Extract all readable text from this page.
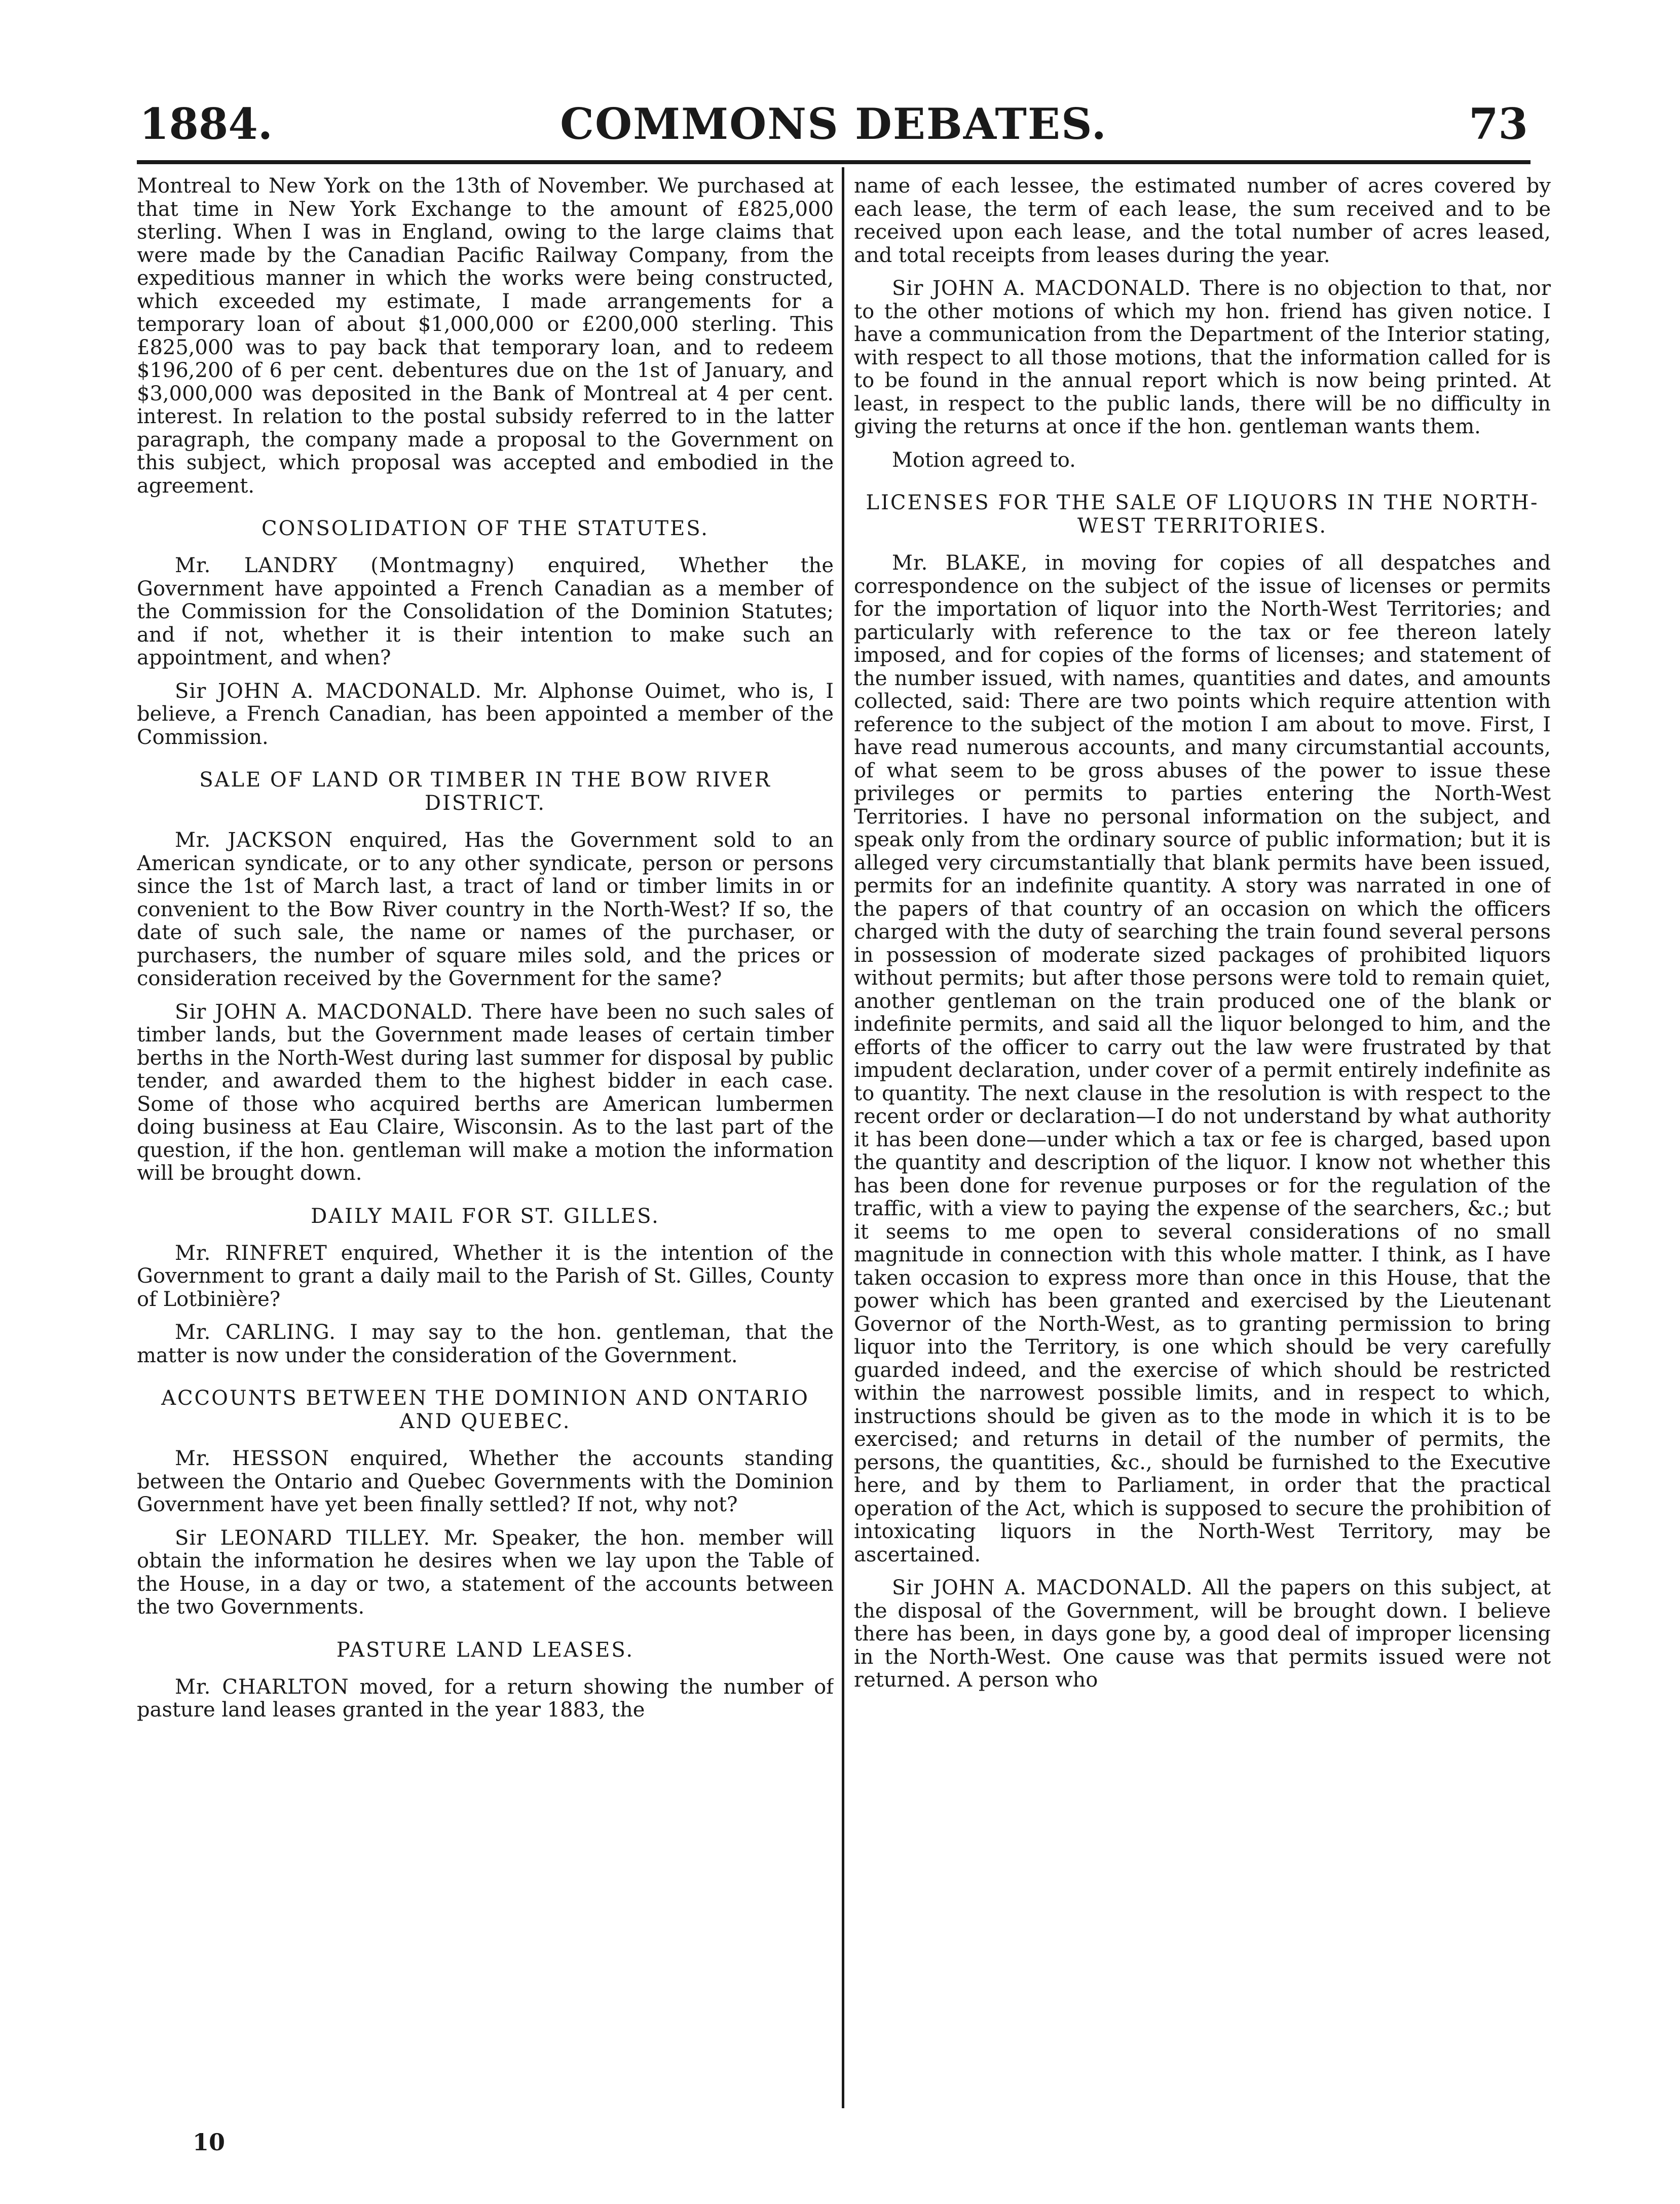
1884.	COMMONS DEBATES.	73

Montreal to New York on the 13th of November. We purchased at that time in New York Exchange to the amount of £825,000 sterling. When I was in England, owing to the large claims that were made by the Canadian Pacific Railway Company, from the expeditious manner in which the works were being constructed, which exceeded my estimate, I made arrangements for a temporary loan of about $1,000,000 or £200,000 sterling. This £825,000 was to pay back that temporary loan, and to redeem $196,200 of 6 per cent. debentures due on the 1st of January, and $3,000,000 was deposited in the Bank of Montreal at 4 per cent. interest. In relation to the postal subsidy referred to in the latter paragraph, the company made a proposal to the Government on this subject, which proposal was accepted and embodied in the agreement.

CONSOLIDATION OF THE STATUTES.

Mr. LANDRY (Montmagny) enquired, Whether the Government have appointed a French Canadian as a member of the Commission for the Consolidation of the Dominion Statutes; and if not, whether it is their intention to make such an appointment, and when?

Sir JOHN A. MACDONALD. Mr. Alphonse Ouimet, who is, I believe, a French Canadian, has been appointed a member of the Commission.

SALE OF LAND OR TIMBER IN THE BOW RIVER DISTRICT.

Mr. JACKSON enquired, Has the Government sold to an American syndicate, or to any other syndicate, person or persons since the 1st of March last, a tract of land or timber limits in or convenient to the Bow River country in the North-West? If so, the date of such sale, the name or names of the purchaser, or purchasers, the number of square miles sold, and the prices or consideration received by the Government for the same?

Sir JOHN A. MACDONALD. There have been no such sales of timber lands, but the Government made leases of certain timber berths in the North-West during last summer for disposal by public tender, and awarded them to the highest bidder in each case. Some of those who acquired berths are American lumbermen doing business at Eau Claire, Wisconsin. As to the last part of the question, if the hon. gentleman will make a motion the information will be brought down.

DAILY MAIL FOR ST. GILLES.

Mr. RINFRET enquired, Whether it is the intention of the Government to grant a daily mail to the Parish of St. Gilles, County of Lotbinière?

Mr. CARLING. I may say to the hon. gentleman, that the matter is now under the consideration of the Government.

ACCOUNTS BETWEEN THE DOMINION AND ONTARIO AND QUEBEC.

Mr. HESSON enquired, Whether the accounts standing between the Ontario and Quebec Governments with the Dominion Government have yet been finally settled? If not, why not?

Sir LEONARD TILLEY. Mr. Speaker, the hon. member will obtain the information he desires when we lay upon the Table of the House, in a day or two, a statement of the accounts between the two Governments.

PASTURE LAND LEASES.

Mr. CHARLTON moved, for a return showing the number of pasture land leases granted in the year 1883, the

name of each lessee, the estimated number of acres covered by each lease, the term of each lease, the sum received and to be received upon each lease, and the total number of acres leased, and total receipts from leases during the year.

Sir JOHN A. MACDONALD. There is no objection to that, nor to the other motions of which my hon. friend has given notice. I have a communication from the Department of the Interior stating, with respect to all those motions, that the information called for is to be found in the annual report which is now being printed. At least, in respect to the public lands, there will be no difficulty in giving the returns at once if the hon. gentleman wants them.

Motion agreed to.

LICENSES FOR THE SALE OF LIQUORS IN THE NORTH-WEST TERRITORIES.

Mr. BLAKE, in moving for copies of all despatches and correspondence on the subject of the issue of licenses or permits for the importation of liquor into the North-West Territories; and particularly with reference to the tax or fee thereon lately imposed, and for copies of the forms of licenses; and statement of the number issued, with names, quantities and dates, and amounts collected, said: There are two points which require attention with reference to the subject of the motion I am about to move. First, I have read numerous accounts, and many circumstantial accounts, of what seem to be gross abuses of the power to issue these privileges or permits to parties entering the North-West Territories. I have no personal information on the subject, and speak only from the ordinary source of public information; but it is alleged very circumstantially that blank permits have been issued, permits for an indefinite quantity. A story was narrated in one of the papers of that country of an occasion on which the officers charged with the duty of searching the train found several persons in possession of moderate sized packages of prohibited liquors without permits; but after those persons were told to remain quiet, another gentleman on the train produced one of the blank or indefinite permits, and said all the liquor belonged to him, and the efforts of the officer to carry out the law were frustrated by that impudent declaration, under cover of a permit entirely indefinite as to quantity. The next clause in the resolution is with respect to the recent order or declaration—I do not understand by what authority it has been done—under which a tax or fee is charged, based upon the quantity and description of the liquor. I know not whether this has been done for revenue purposes or for the regulation of the traffic, with a view to paying the expense of the searchers, &c.; but it seems to me open to several considerations of no small magnitude in connection with this whole matter. I think, as I have taken occasion to express more than once in this House, that the power which has been granted and exercised by the Lieutenant Governor of the North-West, as to granting permission to bring liquor into the Territory, is one which should be very carefully guarded indeed, and the exercise of which should be restricted within the narrowest possible limits, and in respect to which, instructions should be given as to the mode in which it is to be exercised; and returns in detail of the number of permits, the persons, the quantities, &c., should be furnished to the Executive here, and by them to Parliament, in order that the practical operation of the Act, which is supposed to secure the prohibition of intoxicating liquors in the North-West Territory, may be ascertained.

Sir JOHN A. MACDONALD. All the papers on this subject, at the disposal of the Government, will be brought down. I believe there has been, in days gone by, a good deal of improper licensing in the North-West. One cause was that permits issued were not returned. A person who

10
